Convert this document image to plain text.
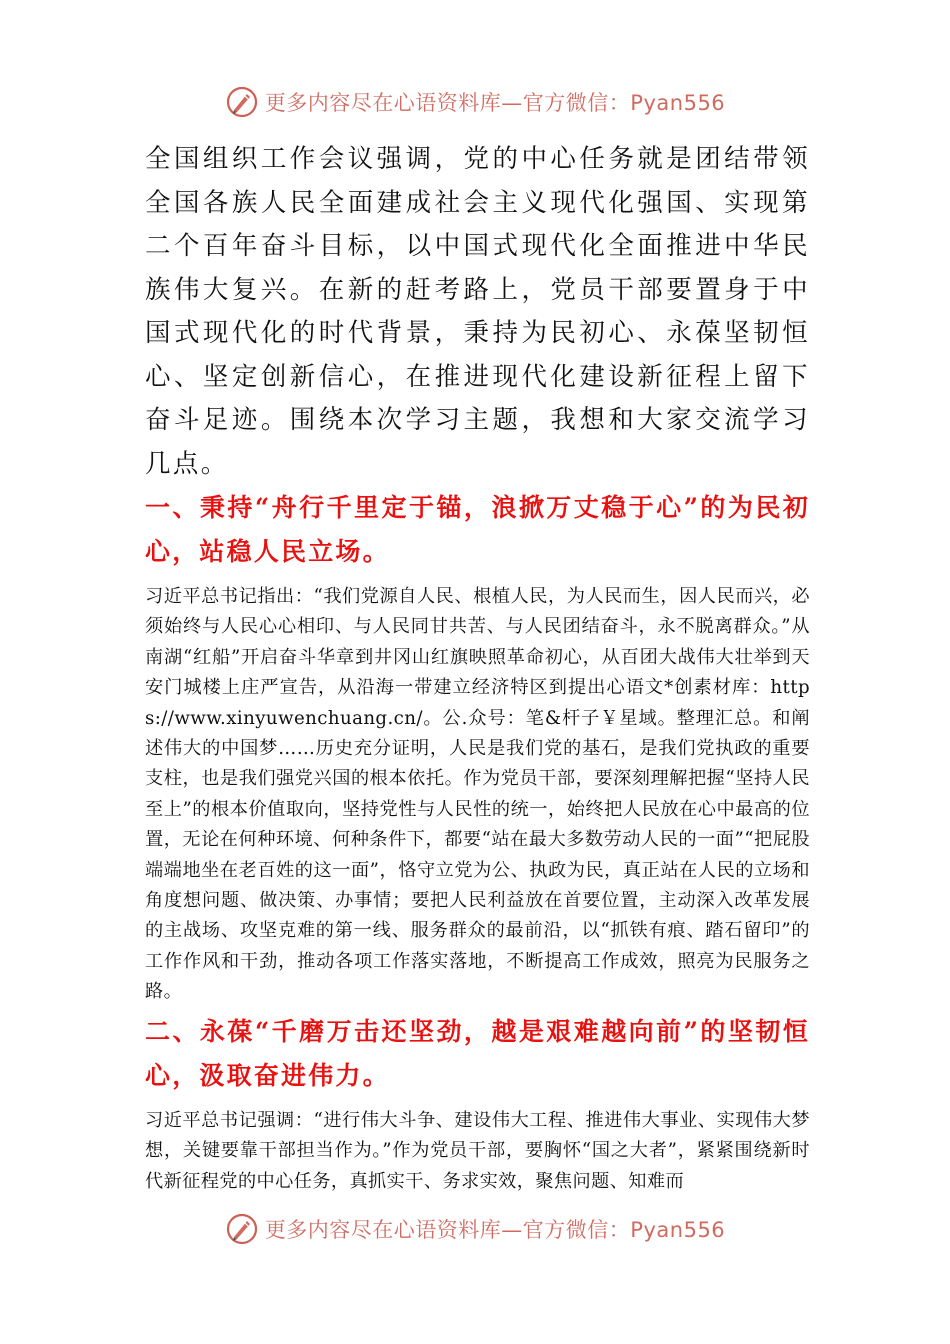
更多内容尽在心语资料库—官方微信：Pyan556

全国组织工作会议强调，党的中心任务就是团结带领全国各族人民全面建成社会主义现代化强国、实现第二个百年奋斗目标，以中国式现代化全面推进中华民族伟大复兴。在新的赶考路上，党员干部要置身于中国式现代化的时代背景，秉持为民初心、永葆坚韧恒心、坚定创新信心，在推进现代化建设新征程上留下奋斗足迹。围绕本次学习主题，我想和大家交流学习几点。

一、秉持“舟行千里定于锚，浪掀万丈稳于心”的为民初心，站稳人民立场。

习近平总书记指出：“我们党源自人民、根植人民，为人民而生，因人民而兴，必须始终与人民心心相印、与人民同甘共苦、与人民团结奋斗，永不脱离群众。”从南湖“红船”开启奋斗华章到井冈山红旗映照革命初心，从百团大战伟大壮举到天安门城楼上庄严宣告，从沿海一带建立经济特区到提出心语文*创素材库：https://www.xinyuwenchuang.cn/。公.众号：笔&杆子￥星域。整理汇总。和阐述伟大的中国梦……历史充分证明，人民是我们党的基石，是我们党执政的重要支柱，也是我们强党兴国的根本依托。作为党员干部，要深刻理解把握“坚持人民至上”的根本价值取向，坚持党性与人民性的统一，始终把人民放在心中最高的位置，无论在何种环境、何种条件下，都要“站在最大多数劳动人民的一面”“把屁股端端地坐在老百姓的这一面”，恪守立党为公、执政为民，真正站在人民的立场和角度想问题、做决策、办事情；要把人民利益放在首要位置，主动深入改革发展的主战场、攻坚克难的第一线、服务群众的最前沿，以“抓铁有痕、踏石留印”的工作作风和干劲，推动各项工作落实落地，不断提高工作成效，照亮为民服务之路。

二、永葆“千磨万击还坚劲，越是艰难越向前”的坚韧恒心，汲取奋进伟力。

习近平总书记强调：“进行伟大斗争、建设伟大工程、推进伟大事业、实现伟大梦想，关键要靠干部担当作为。”作为党员干部，要胸怀“国之大者”，紧紧围绕新时代新征程党的中心任务，真抓实干、务求实效，聚焦问题、知难而

更多内容尽在心语资料库—官方微信：Pyan556
